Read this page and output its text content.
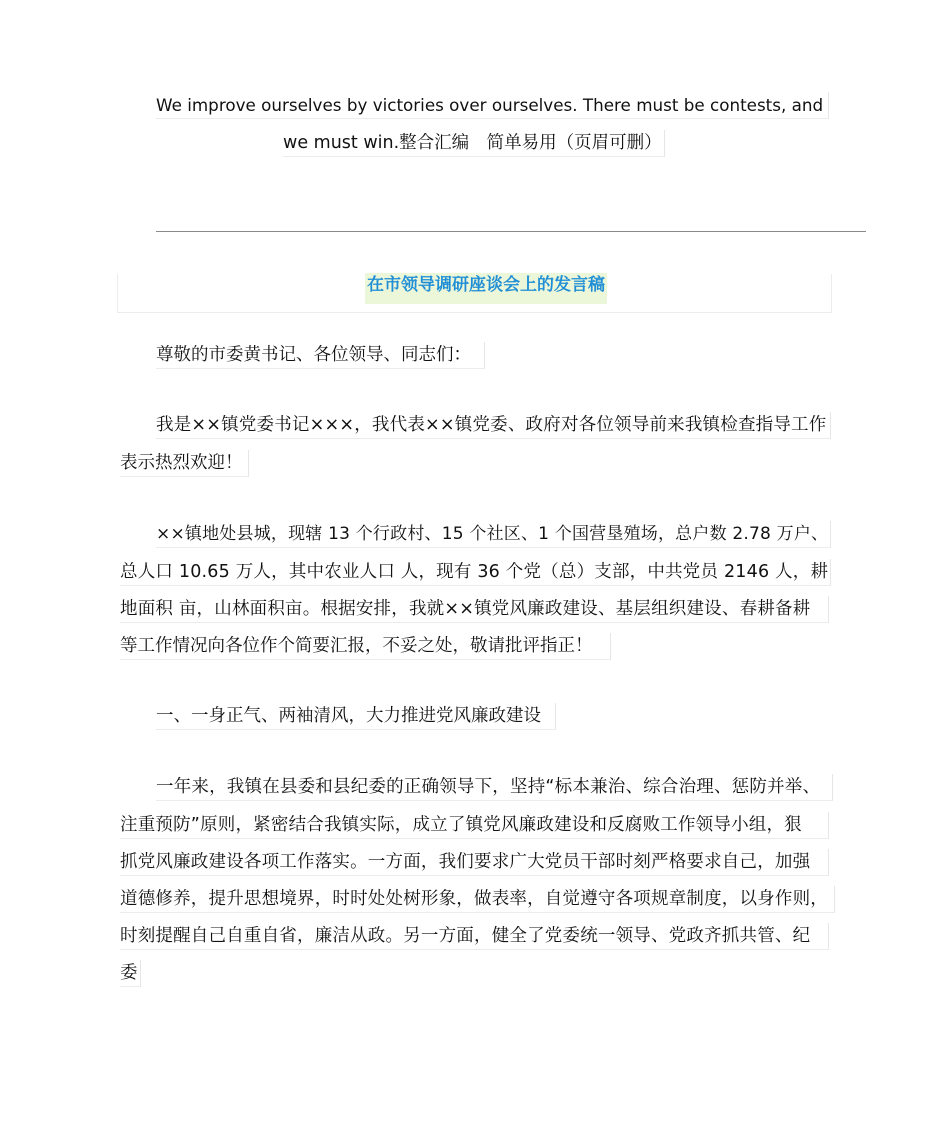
We improve ourselves by victories over ourselves. There must be contests, and
we must win.整合汇编　简单易用（页眉可删）
在市领导调研座谈会上的发言稿
尊敬的市委黄书记、各位领导、同志们：
我是××镇党委书记×××，我代表××镇党委、政府对各位领导前来我镇检查指导工作
表示热烈欢迎！
××镇地处县城，现辖 13 个行政村、15 个社区、1 个国营垦殖场，总户数 2.78 万户、
总人口 10.65 万人，其中农业人口 人，现有 36 个党（总）支部，中共党员 2146 人，耕
地面积 亩，山林面积亩。根据安排，我就××镇党风廉政建设、基层组织建设、春耕备耕
等工作情况向各位作个简要汇报，不妥之处，敬请批评指正！
一、一身正气、两袖清风，大力推进党风廉政建设
一年来，我镇在县委和县纪委的正确领导下，坚持“标本兼治、综合治理、惩防并举、
注重预防”原则，紧密结合我镇实际，成立了镇党风廉政建设和反腐败工作领导小组，狠
抓党风廉政建设各项工作落实。一方面，我们要求广大党员干部时刻严格要求自己，加强
道德修养，提升思想境界，时时处处树形象，做表率，自觉遵守各项规章制度，以身作则，
时刻提醒自己自重自省，廉洁从政。另一方面，健全了党委统一领导、党政齐抓共管、纪
委
